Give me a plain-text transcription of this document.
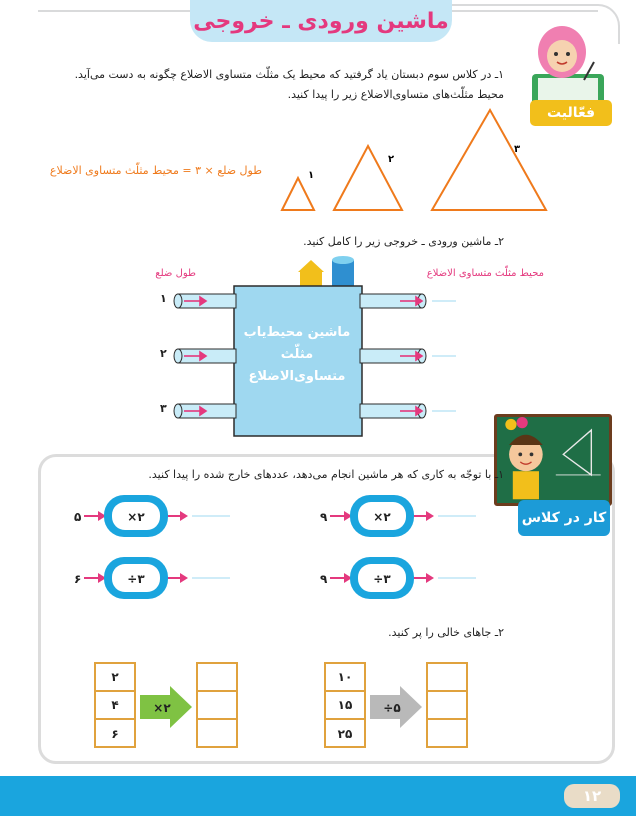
ماشین ورودی ـ خروجی
فعّالیت
۱ـ در کلاس سوم دبستان یاد گرفتید که محیط یک مثلّث متساوی الاضلاع چگونه به دست می‌آید.
محیط مثلّث‌های متساوی‌الاضلاع زیر را پیدا کنید.
طول ضلع × ۳ = محیط مثلّث متساوی الاضلاع	۱
۲
۳
۲ـ ماشین ورودی ـ خروجی زیر را کامل کنید.
طول ضلع	محیط مثلّث متساوی الاضلاع
۱
۲
۳
ماشین محیط‌یاب
مثلّث
متساوی‌الاضلاع
کار در کلاس
۱ـ با توجّه به کاری که هر ماشین انجام می‌دهد، عددهای خارج شده را پیدا کنید.
۵	۹
۶	۹
×۲	×۲
÷۳	÷۳
۲ـ جاهای خالی را پر کنید.
۲
۴
۶
×۲
۱۰
۱۵
۲۵
÷۵
۱۲
